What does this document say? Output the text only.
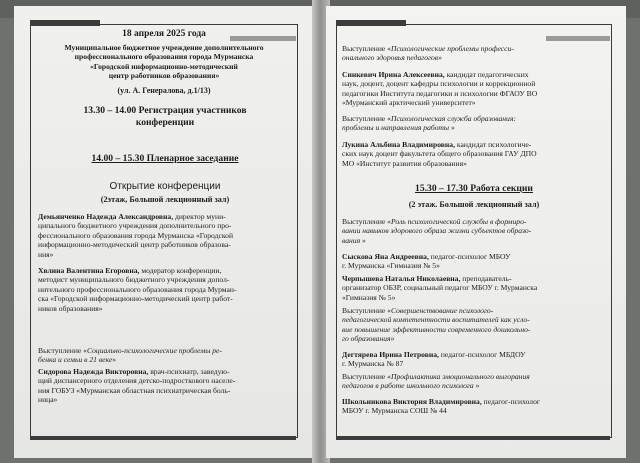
18 апреля 2025 года
Муниципальное бюджетное учреждение дополнительного
профессионального образования города Мурманска
«Городской информационно-методический
центр работников образования»
(ул. А. Генералова, д.1/13)
13.30 – 14.00 Регистрация участников
конференции
14.00 – 15.30 Пленарное заседание
Открытие конференции
(2этаж, Большой лекционный зал)
Демьянченко Надежда Александровна, директор муни-
ципального бюджетного учреждения дополнительного про-
фессионального образования города Мурманска «Городской
информационно-методический центр работников образова-
ния»
Хвлина Валентина Егоровна, модератор конференции,
методист муниципального бюджетного учреждения допол-
нительного профессионального образования города Мурман-
ска «Городской информационно-методический центр работ-
ников образования»
Выступление «Социально-психологические проблемы ре-
бенка и семьи в 21 веке»
Сидорова Надежда Викторовна, врач-психиатр, заведую-
щий диспансерного отделения детско-подросткового населе-
ния ГОБУЗ «Мурманская областная психиатрическая боль-
ница»
Выступление «Психологические проблемы професси-
онального здоровья педагогов»
Синкевич Ирина Алексеевна, кандидат педагогических
наук, доцент, доцент кафедры психологии и коррекционной
педагогики Института педагогики и психологии ФГАОУ ВО
«Мурманский арктический университет»
Выступление «Психологическая служба образования:
проблемы и направления работы »
Лукина Альбина Владимировна, кандидат психологиче-
ских наук доцент факультета общего образования ГАУ ДПО
МО «Институт развития образования»
15.30 – 17.30 Работа секции
(2 этаж. Большой лекционный зал)
Выступление «Роль психологической службы в формиро-
вании навыков здорового образа жизни субъектов образо-
вания »
Сыскова Яна Андреевна, педагог-психолог МБОУ
г. Мурманска «Гимназия № 5»
Черпышева Наталья Николаевна, преподаватель-
организатор ОБЗР, социальный педагог МБОУ г. Мурманска
«Гимназия № 5»
Выступление «Совершенствование психолого-
педагогической компетентности воспитателей как усло-
вие повышение эффективности современного дошкольно-
го образования»
Дегтярева Ирина Петровна, педагог-психолог МБДОУ
г. Мурманска № 87
Выступление «Профилактика эмоционального выгорания
педагогов в работе школьного психолога »
Школьникова Виктория Владимировна, педагог-психолог
МБОУ г. Мурманска СОШ № 44
